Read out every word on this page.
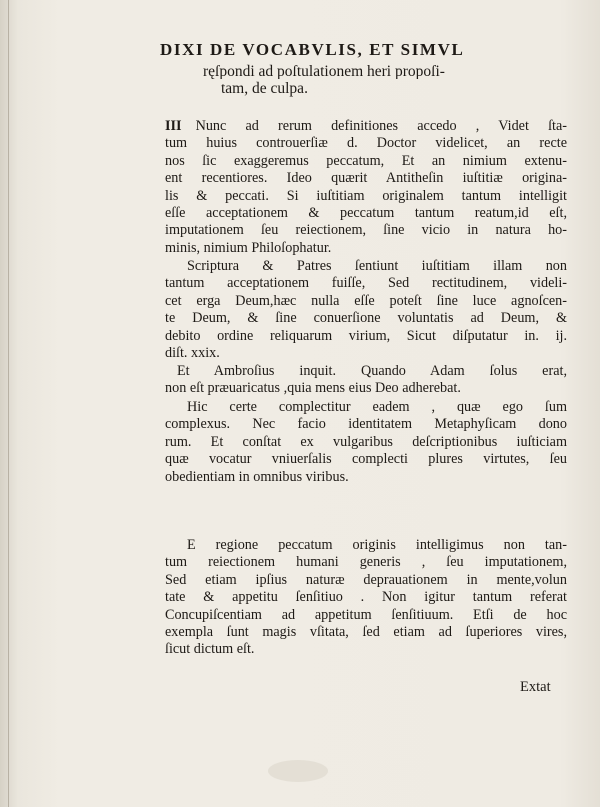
DIXI DE VOCABVLIS, ET SIMVL
ręſpondi ad poſtulationem heri propoſi-
tam, de culpa.
III Nunc ad rerum definitiones accedo , Videt ſta-
tum huius controuerſiæ d. Doctor videlicet, an recte
nos ſic exaggeremus peccatum, Et an nimium extenu-
ent recentiores. Ideo quærit Antitheſin iuſtitiæ origina-
lis & peccati. Si iuſtitiam originalem tantum intelligit
eſſe acceptationem & peccatum tantum reatum,id eſt,
imputationem ſeu reiectionem, ſine vicio in natura ho-
minis, nimium Philoſophatur.
Scriptura & Patres ſentiunt iuſtitiam illam non
tantum acceptationem fuiſſe, Sed rectitudinem, videli-
cet erga Deum,hæc nulla eſſe poteſt ſine luce agnoſcen-
te Deum, & ſine conuerſione voluntatis ad Deum, &
debito ordine reliquarum virium, Sicut diſputatur in. ij.
diſt. xxix.
Et Ambroſius inquit. Quando Adam ſolus erat,
non eſt præuaricatus ,quia mens eius Deo adherebat.
Hic certe complectitur eadem , quæ ego ſum
complexus. Nec facio identitatem Metaphyſicam dono
rum. Et conſtat ex vulgaribus deſcriptionibus iuſticiam
quæ vocatur vniuerſalis complecti plures virtutes, ſeu
obedientiam in omnibus viribus.
E regione peccatum originis intelligimus non tan-
tum reiectionem humani generis , ſeu imputationem,
Sed etiam ipſius naturæ deprauationem in mente,volun
tate & appetitu ſenſitiuo . Non igitur tantum referat
Concupiſcentiam ad appetitum ſenſitiuum. Etſi de hoc
exempla ſunt magis vſitata, ſed etiam ad ſuperiores vires,
ſicut dictum eſt.
Extat
